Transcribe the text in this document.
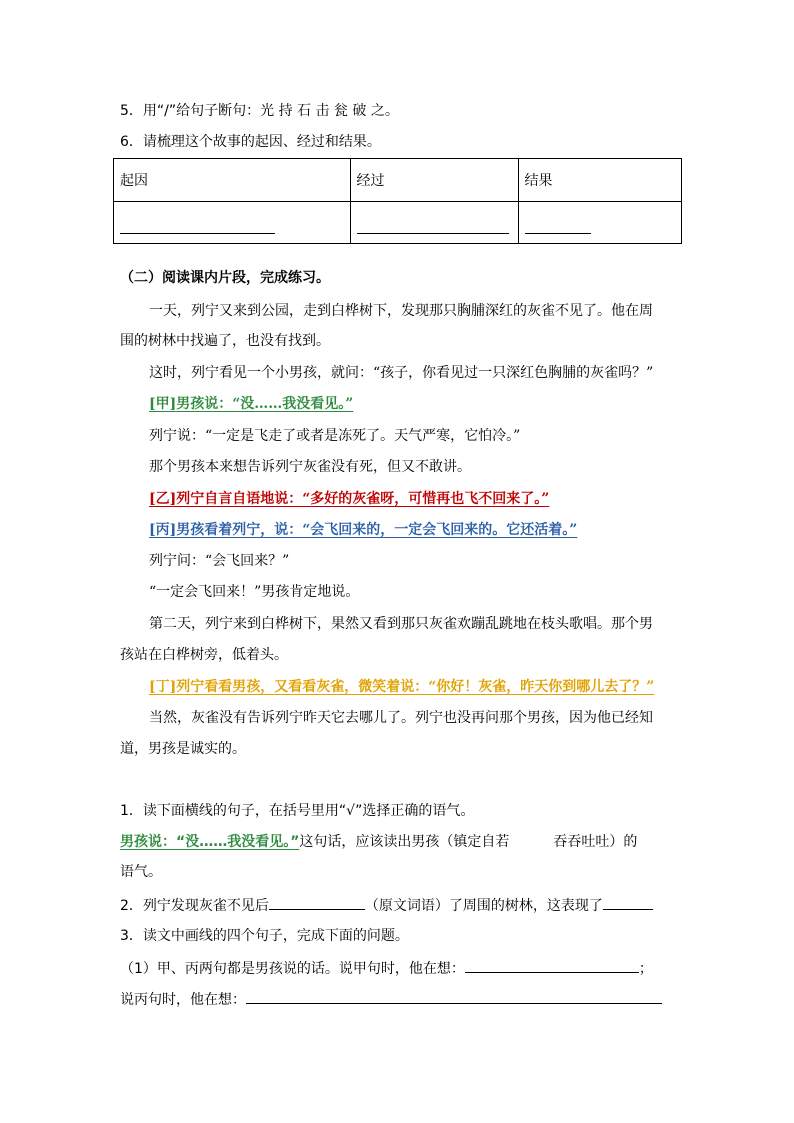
5．用“/”给句子断句：光 持 石 击 瓮 破 之。
6．请梳理这个故事的起因、经过和结果。
起因	经过	结果

（二）阅读课内片段，完成练习。
一天，列宁又来到公园，走到白桦树下，发现那只胸脯深红的灰雀不见了。他在周
围的树林中找遍了，也没有找到。
这时，列宁看见一个小男孩，就问：“孩子，你看见过一只深红色胸脯的灰雀吗？”
[甲]男孩说：“没……我没看见。”
列宁说：“一定是飞走了或者是冻死了。天气严寒，它怕冷。”
那个男孩本来想告诉列宁灰雀没有死，但又不敢讲。
[乙]列宁自言自语地说：“多好的灰雀呀，可惜再也飞不回来了。”
[丙]男孩看着列宁，说：“会飞回来的，一定会飞回来的。它还活着。”
列宁问：“会飞回来？”
“一定会飞回来！”男孩肯定地说。
第二天，列宁来到白桦树下，果然又看到那只灰雀欢蹦乱跳地在枝头歌唱。那个男
孩站在白桦树旁，低着头。
[丁]列宁看看男孩，又看看灰雀，微笑着说：“你好！灰雀，昨天你到哪儿去了？”
当然，灰雀没有告诉列宁昨天它去哪儿了。列宁也没再问那个男孩，因为他已经知
道，男孩是诚实的。
1．读下面横线的句子，在括号里用“√”选择正确的语气。
男孩说：“没……我没看见。”这句话，应该读出男孩（镇定自若	吞吞吐吐）的
语气。
2．列宁发现灰雀不见后	（原文词语）了周围的树林，这表现了
3．读文中画线的四个句子，完成下面的问题。
（1）甲、丙两句都是男孩说的话。说甲句时，他在想：	；
说丙句时，他在想：
